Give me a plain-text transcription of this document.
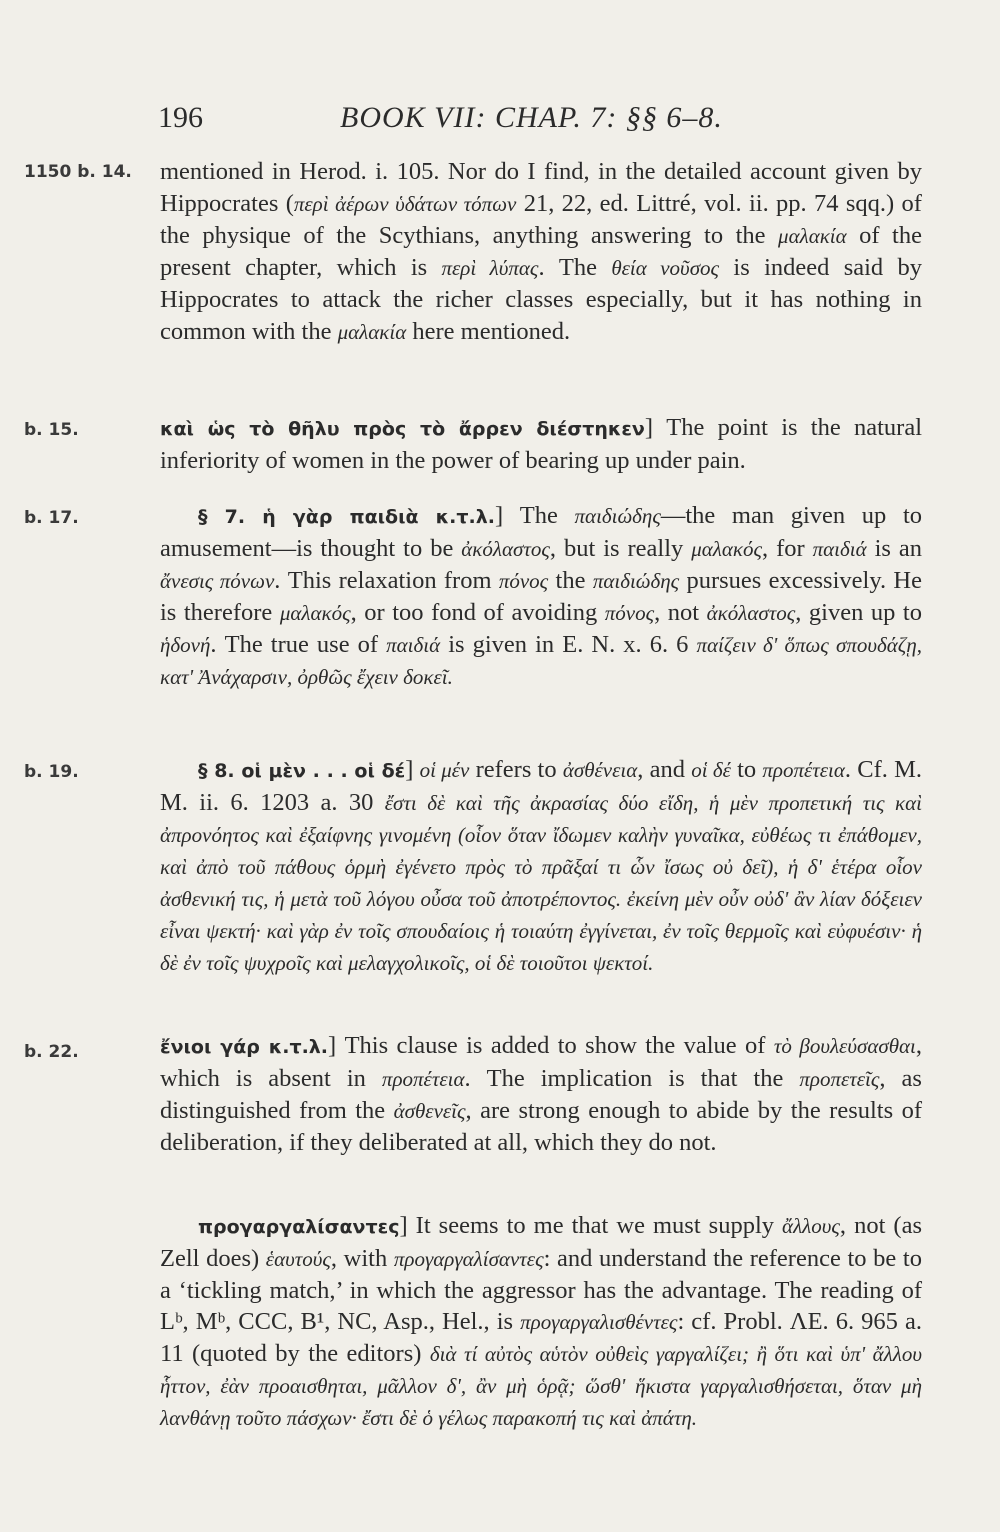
196	BOOK VII: CHAP. 7: §§ 6–8.
1150 b. 14. mentioned in Herod. i. 105. Nor do I find, in the detailed account given by Hippocrates (περὶ ἀέρων ὑδάτων τόπων 21, 22, ed. Littré, vol. ii. pp. 74 sqq.) of the physique of the Scythians, anything answering to the μαλακία of the present chapter, which is περὶ λύπας. The θεία νοῦσος is indeed said by Hippocrates to attack the richer classes especially, but it has nothing in common with the μαλακία here mentioned.

b. 15.	καὶ ὡς τὸ θῆλυ πρὸς τὸ ἄρρεν διέστηκεν] The point is the natural inferiority of women in the power of bearing up under pain.

b. 17.	§ 7. ἡ γὰρ παιδιὰ κ.τ.λ.] The παιδιώδης—the man given up to amusement—is thought to be ἀκόλαστος, but is really μαλακός, for παιδιά is an ἄνεσις πόνων. This relaxation from πόνος the παιδιώδης pursues excessively. He is therefore μαλακός, or too fond of avoiding πόνος, not ἀκόλαστος, given up to ἡδονή. The true use of παιδιά is given in E. N. x. 6. 6 παίζειν δ' ὅπως σπουδάζῃ, κατ' Ἀνάχαρσιν, ὀρθῶς ἔχειν δοκεῖ.

b. 19.	§ 8. οἱ μὲν . . . οἱ δέ] οἱ μέν refers to ἀσθένεια, and οἱ δέ to προπέτεια. Cf. M. M. ii. 6. 1203 a. 30 ἔστι δὲ καὶ τῆς ἀκρασίας δύο εἴδη, ἡ μὲν προπετική τις καὶ ἀπρονόητος καὶ ἐξαίφνης γινομένη (οἷον ὅταν ἴδωμεν καλὴν γυναῖκα, εὐθέως τι ἐπάθομεν, καὶ ἀπὸ τοῦ πάθους ὁρμὴ ἐγένετο πρὸς τὸ πρᾶξαί τι ὧν ἴσως οὐ δεῖ), ἡ δ' ἑτέρα οἷον ἀσθενική τις, ἡ μετὰ τοῦ λόγου οὖσα τοῦ ἀποτρέποντος. ἐκείνη μὲν οὖν οὐδ' ἂν λίαν δόξειεν εἶναι ψεκτή· καὶ γὰρ ἐν τοῖς σπουδαίοις ἡ τοιαύτη ἐγγίνεται, ἐν τοῖς θερμοῖς καὶ εὐφυέσιν· ἡ δὲ ἐν τοῖς ψυχροῖς καὶ μελαγχολικοῖς, οἱ δὲ τοιοῦτοι ψεκτοί.

b. 22.	ἔνιοι γάρ κ.τ.λ.] This clause is added to show the value of τὸ βουλεύσασθαι, which is absent in προπέτεια. The implication is that the προπετεῖς, as distinguished from the ἀσθενεῖς, are strong enough to abide by the results of deliberation, if they deliberated at all, which they do not.

προγαργαλίσαντες] It seems to me that we must supply ἄλλους, not (as Zell does) ἑαυτούς, with προγαργαλίσαντες: and understand the reference to be to a ‘tickling match,’ in which the aggressor has the advantage. The reading of Lᵇ, Mᵇ, CCC, B¹, NC, Asp., Hel., is προγαργαλισθέντες: cf. Probl. ΛΕ. 6. 965 a. 11 (quoted by the editors) διὰ τί αὐτὸς αὑτὸν οὐθεὶς γαργαλίζει; ἢ ὅτι καὶ ὑπ' ἄλλου ἧττον, ἐὰν προαισθηται, μᾶλλον δ', ἂν μὴ ὁρᾷ; ὥσθ' ἥκιστα γαργαλισθήσεται, ὅταν μὴ λανθάνῃ τοῦτο πάσχων· ἔστι δὲ ὁ γέλως παρακοπή τις καὶ ἀπάτη.
